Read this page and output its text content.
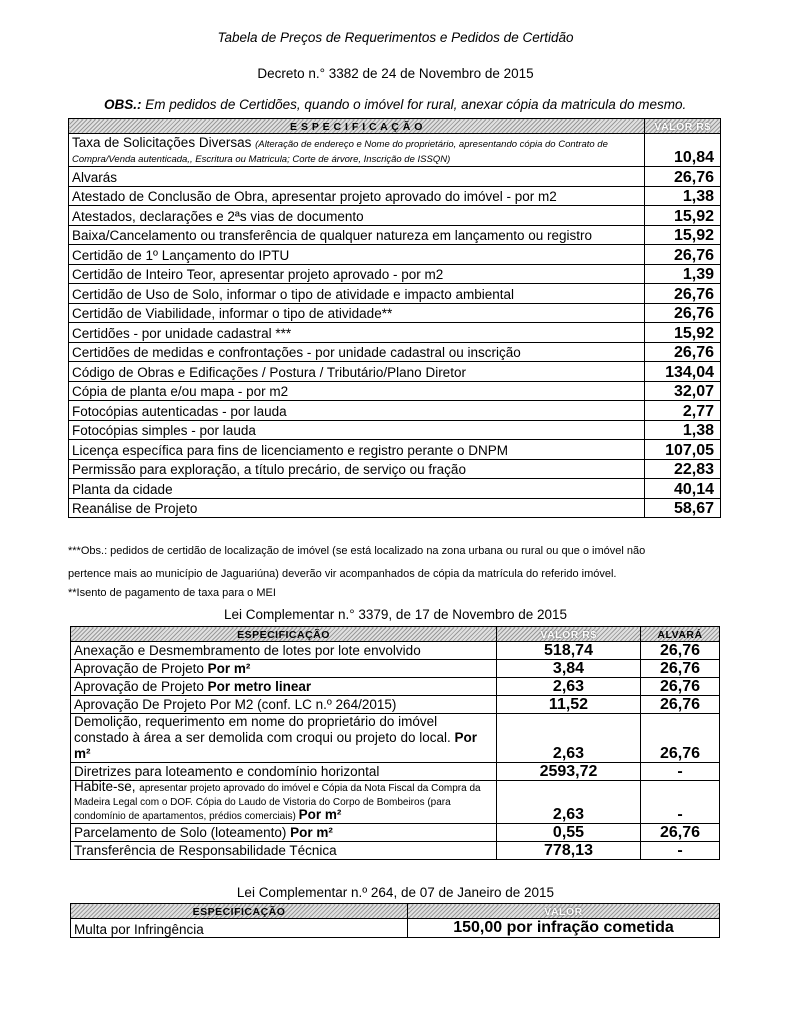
Tabela de Preços de Requerimentos e Pedidos de Certidão
Decreto n.° 3382 de 24 de Novembro de 2015
OBS.: Em pedidos de Certidões, quando o imóvel for rural, anexar cópia da matricula do mesmo.
E S P E C I F I C A Ç Ã O	VALOR R$
Taxa de Solicitações Diversas (Alteração de endereço e Nome do proprietário, apresentando cópia do Contrato de Compra/Venda autenticada,, Escritura ou Matricula; Corte de árvore, Inscrição de ISSQN)	10,84
Alvarás	26,76
Atestado de Conclusão de Obra, apresentar projeto aprovado do imóvel - por m2	1,38
Atestados, declarações e 2ªs vias de documento	15,92
Baixa/Cancelamento ou transferência de qualquer natureza em lançamento ou registro	15,92
Certidão de 1º Lançamento do IPTU	26,76
Certidão de Inteiro Teor, apresentar projeto aprovado - por m2	1,39
Certidão de Uso de Solo, informar o tipo de atividade e impacto ambiental	26,76
Certidão de Viabilidade, informar o tipo de atividade**	26,76
Certidões - por unidade cadastral ***	15,92
Certidões de medidas e confrontações - por unidade cadastral ou inscrição	26,76
Código de Obras e Edificações / Postura / Tributário/Plano Diretor	134,04
Cópia de planta e/ou mapa - por m2	32,07
Fotocópias autenticadas - por lauda	2,77
Fotocópias simples - por lauda	1,38
Licença específica para fins de licenciamento e registro perante o DNPM	107,05
Permissão para exploração, a título precário, de serviço ou fração	22,83
Planta da cidade	40,14
Reanálise de Projeto	58,67
***Obs.: pedidos de certidão de localização de imóvel (se está localizado na zona urbana ou rural ou que o imóvel não
pertence mais ao município de Jaguariúna) deverão vir acompanhados de cópia da matrícula do referido imóvel.
**Isento de pagamento de taxa para o MEI
Lei Complementar n.° 3379, de 17 de Novembro de 2015
ESPECIFICAÇÃO	VALOR R$	ALVARÁ
Anexação e Desmembramento de lotes por lote envolvido	518,74	26,76
Aprovação de Projeto Por m²	3,84	26,76
Aprovação de Projeto Por metro linear	2,63	26,76
Aprovação De Projeto Por M2 (conf. LC n.º 264/2015)	11,52	26,76
Demolição, requerimento em nome do proprietário do imóvel constado à área a ser demolida com croqui ou projeto do local. Por m²	2,63	26,76
Diretrizes para loteamento e condomínio horizontal	2593,72	-
Habite-se, apresentar projeto aprovado do imóvel e Cópia da Nota Fiscal da Compra da Madeira Legal com o DOF. Cópia do Laudo de Vistoria do Corpo de Bombeiros (para condomínio de apartamentos, prédios comerciais) Por m²	2,63	-
Parcelamento de Solo (loteamento) Por m²	0,55	26,76
Transferência de Responsabilidade Técnica	778,13	-
Lei Complementar n.º 264, de 07 de Janeiro de 2015
ESPECIFICAÇÃO	VALOR
Multa por Infringência	150,00 por infração cometida
